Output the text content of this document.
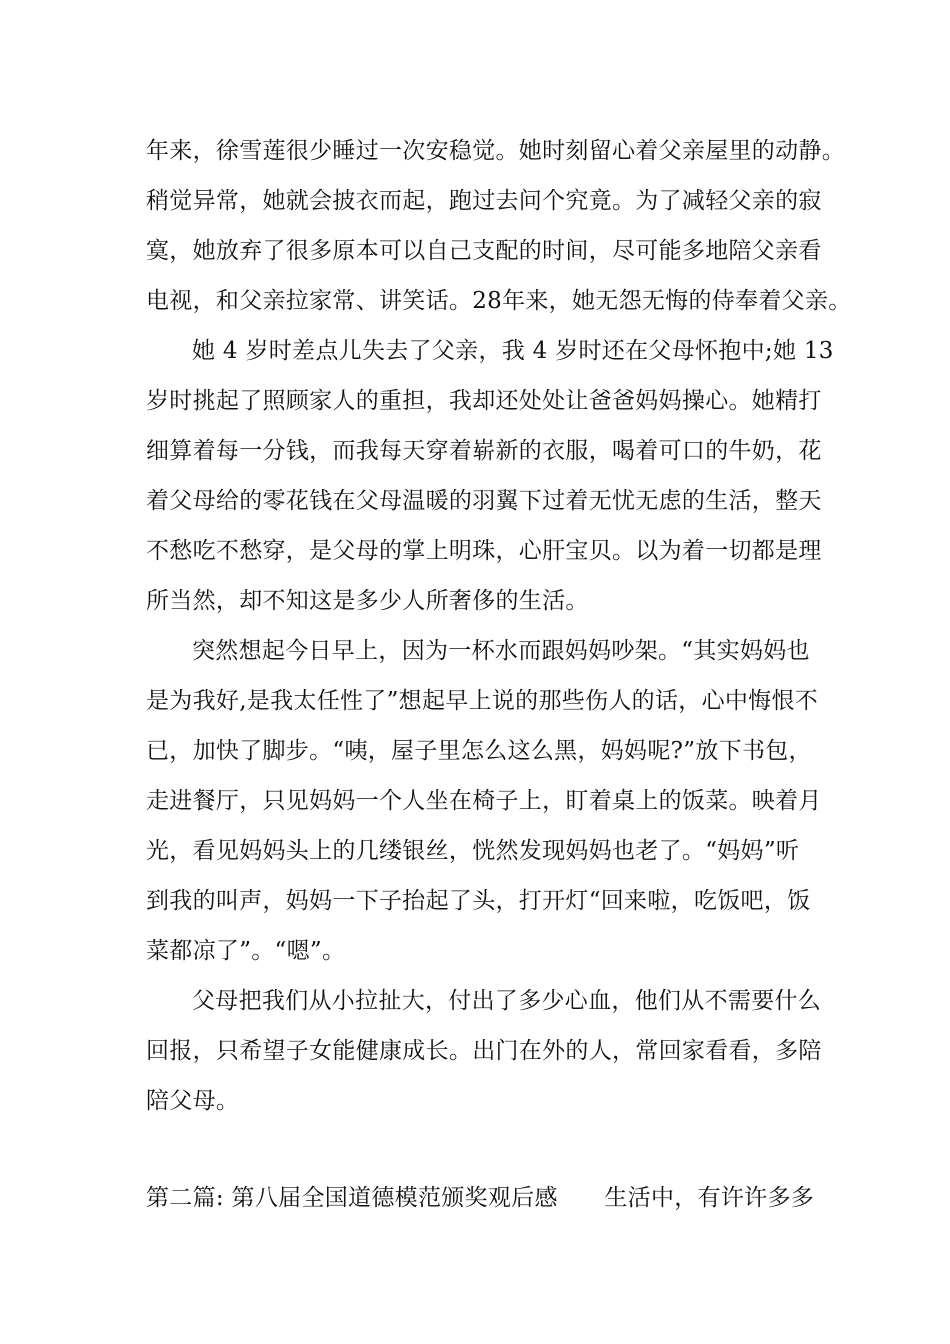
年来，徐雪莲很少睡过一次安稳觉。她时刻留心着父亲屋里的动静。
稍觉异常，她就会披衣而起，跑过去问个究竟。为了减轻父亲的寂
寞，她放弃了很多原本可以自己支配的时间，尽可能多地陪父亲看
电视，和父亲拉家常、讲笑话。28年来，她无怨无悔的侍奉着父亲。
她 4 岁时差点儿失去了父亲，我 4 岁时还在父母怀抱中;她 13
岁时挑起了照顾家人的重担，我却还处处让爸爸妈妈操心。她精打
细算着每一分钱，而我每天穿着崭新的衣服，喝着可口的牛奶，花
着父母给的零花钱在父母温暖的羽翼下过着无忧无虑的生活，整天
不愁吃不愁穿，是父母的掌上明珠，心肝宝贝。以为着一切都是理
所当然，却不知这是多少人所奢侈的生活。
突然想起今日早上，因为一杯水而跟妈妈吵架。“其实妈妈也
是为我好,是我太任性了”想起早上说的那些伤人的话，心中悔恨不
已，加快了脚步。“咦，屋子里怎么这么黑，妈妈呢?”放下书包，
走进餐厅，只见妈妈一个人坐在椅子上，盯着桌上的饭菜。映着月
光，看见妈妈头上的几缕银丝，恍然发现妈妈也老了。“妈妈”听
到我的叫声，妈妈一下子抬起了头，打开灯“回来啦，吃饭吧，饭
菜都凉了”。“嗯”。
父母把我们从小拉扯大，付出了多少心血，他们从不需要什么
回报，只希望子女能健康成长。出门在外的人，常回家看看，多陪
陪父母。
第二篇: 第八届全国道德模范颁奖观后感　　生活中，有许许多多
